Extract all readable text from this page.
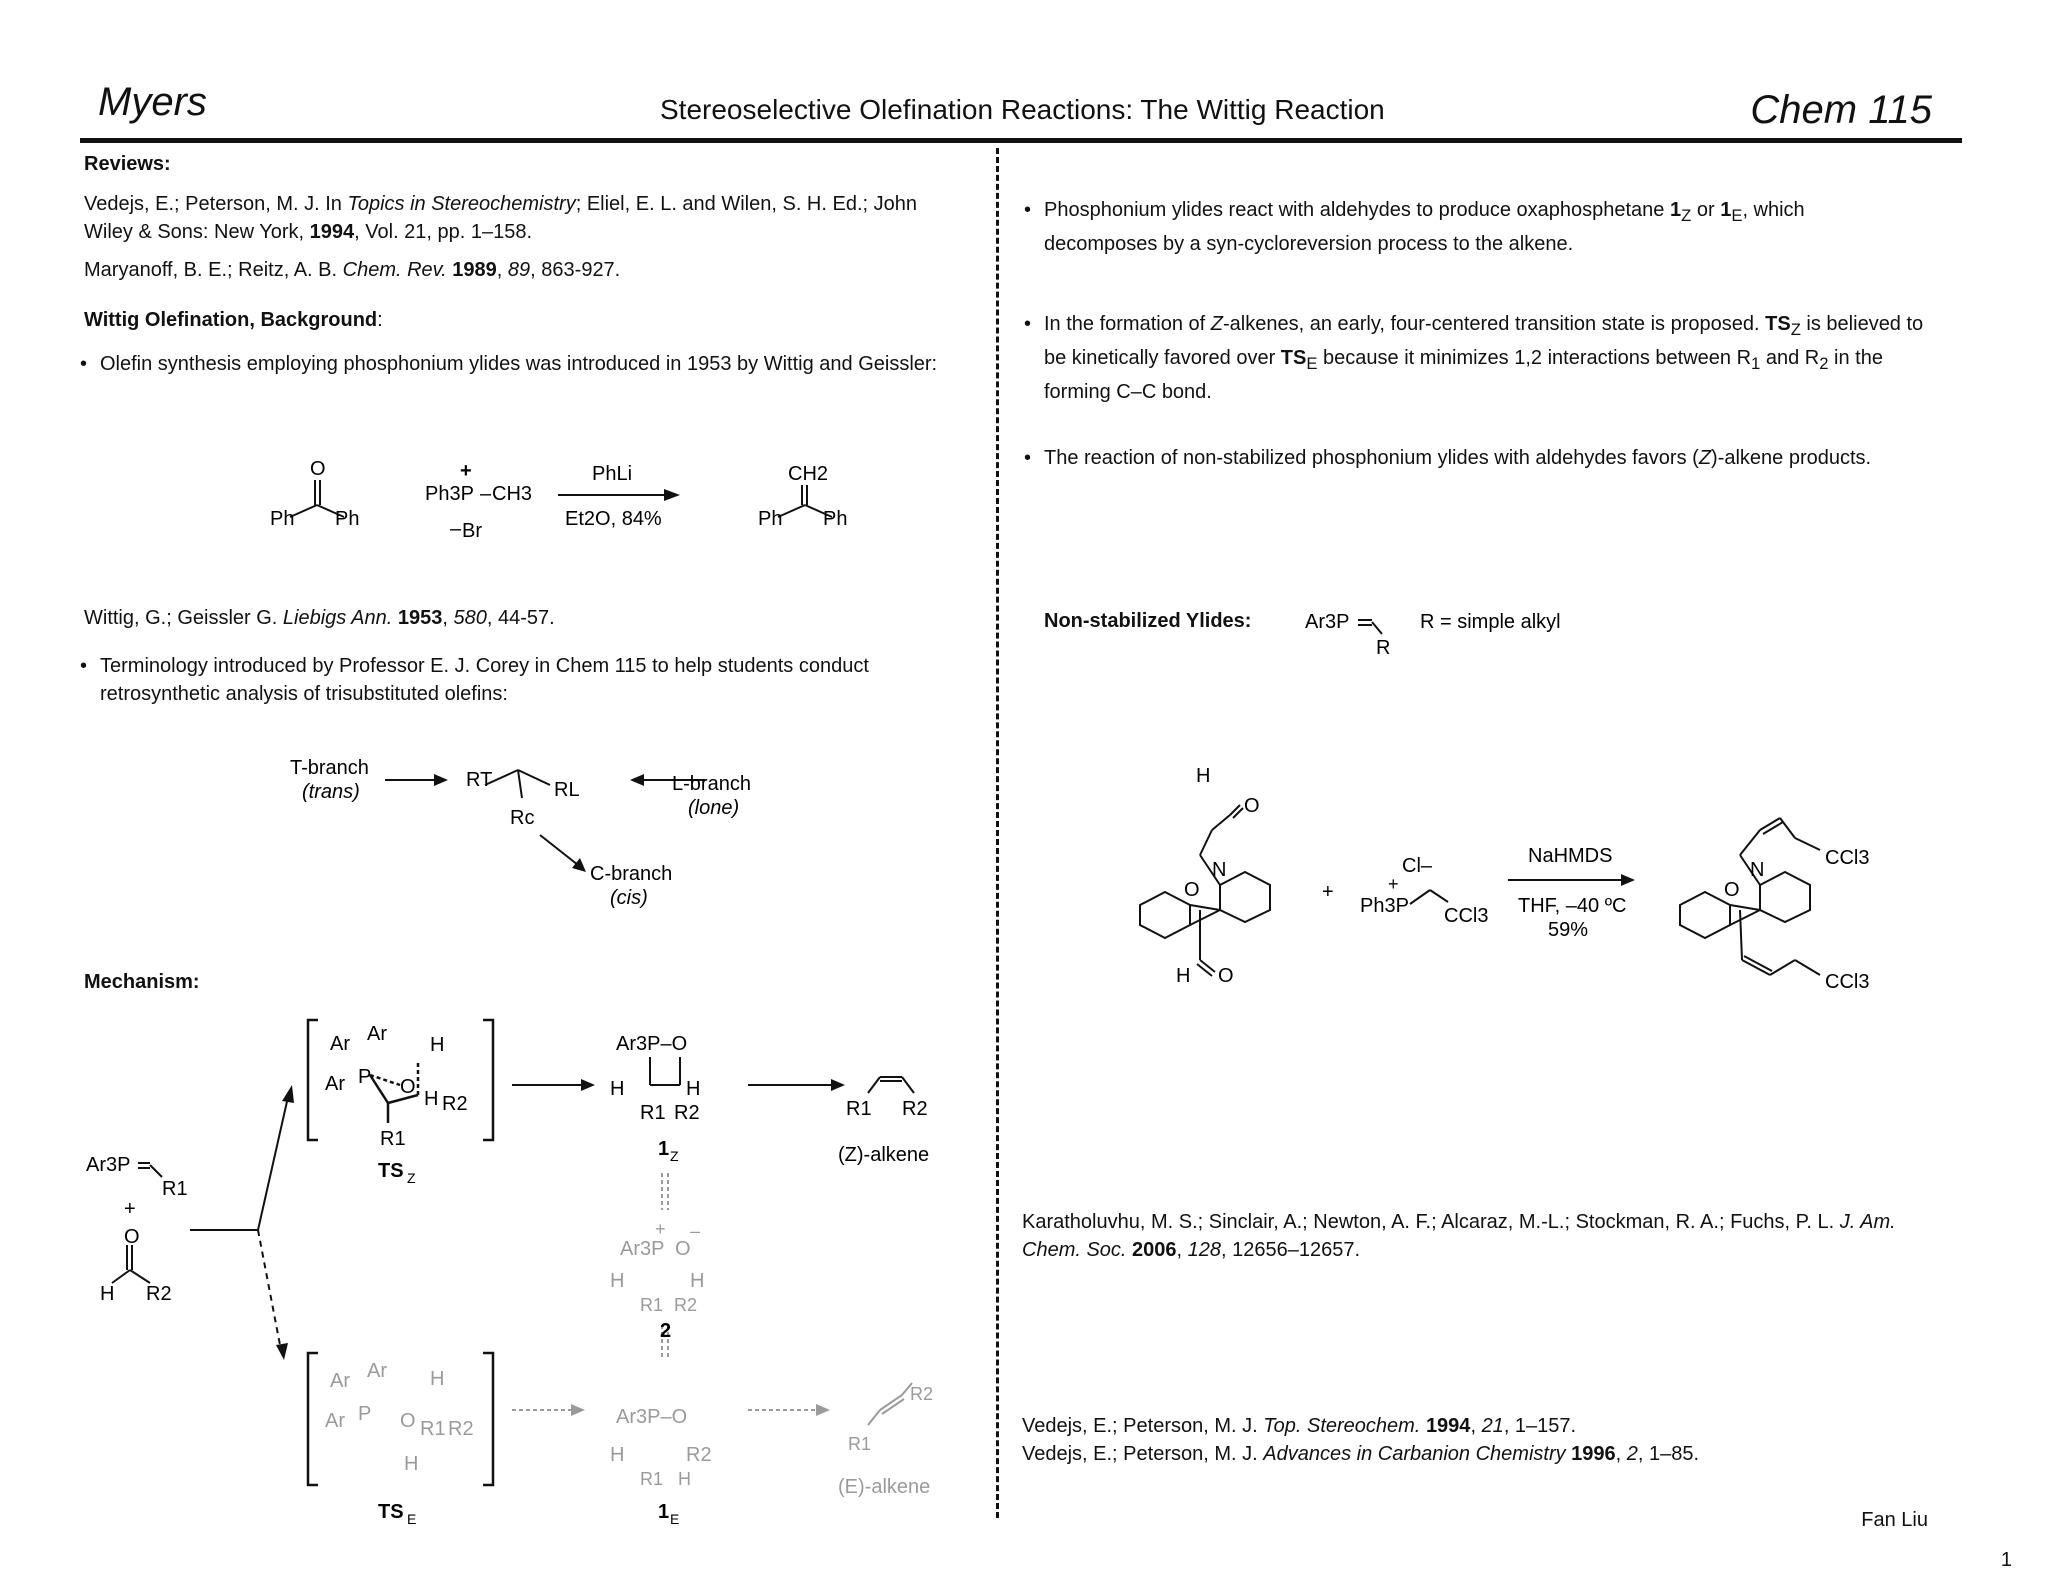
Myers	Stereoselective Olefination Reactions: The Wittig Reaction	Chem 115
Reviews:
Vedejs, E.; Peterson, M. J. In Topics in Stereochemistry; Eliel, E. L. and Wilen, S. H. Ed.; John
Wiley & Sons: New York, 1994, Vol. 21, pp. 1–158.
Maryanoff, B. E.; Reitz, A. B. Chem. Rev. 1989, 89, 863-927.
Wittig Olefination, Background:
• Olefin synthesis employing phosphonium ylides was introduced in 1953 by Wittig and Geissler:
O
Ph Ph
+
Ph3P – CH3
– Br
PhLi
Et2O, 84%
CH2
Ph Ph
Wittig, G.; Geissler G. Liebigs Ann. 1953, 580, 44-57.
• Terminology introduced by Professor E. J. Corey in Chem 115 to help students conduct
retrosynthetic analysis of trisubstituted olefins:
T-branch
(trans)	L-branch
(lone)
C-branch
(cis)
RT	RL
Rc
Mechanism:
Ar3P
R1
+
O
H R2
Ar Ar
Ar P O
H
H R2
R1
TS Z
Ar3P–O
H	H
R1 R2
1 Z
R1 R2
(Z)-alkene
+
Ar3P O
–
H	H
R1 R2
2
Ar Ar
Ar P O
H
R1 R2
H
TS E
Ar3P–O
H	R2
R1 H
1 E
R2
R1
(E)-alkene
• Phosphonium ylides react with aldehydes to produce oxaphosphetane $1_Z$ or $1_E$, which
decomposes by a syn-cycloreversion process to the alkene.
• In the formation of Z-alkenes, an early, four-centered transition state is proposed. $TS_Z$ is believed to
be kinetically favored over $TS_E$ because it minimizes 1,2 interactions between $R_1$ and $R_2$ in the
forming C–C bond.
• The reaction of non-stabilized phosphonium ylides with aldehydes favors (Z)-alkene products.
Non-stabilized Ylides:	Ar3P
R
R = simple alkyl
H
O
N
O
H O
+
Cl–
+
Ph3P CCl3
NaHMDS
THF, –40 ºC
59%
N
O
CCl3
CCl3
Karatholuvhu, M. S.; Sinclair, A.; Newton, A. F.; Alcaraz, M.-L.; Stockman, R. A.; Fuchs, P. L. J. Am.
Chem. Soc. 2006, 128, 12656–12657.
Vedejs, E.; Peterson, M. J. Top. Stereochem. 1994, 21, 1–157.
Vedejs, E.; Peterson, M. J. Advances in Carbanion Chemistry 1996, 2, 1–85.
Fan Liu
1
